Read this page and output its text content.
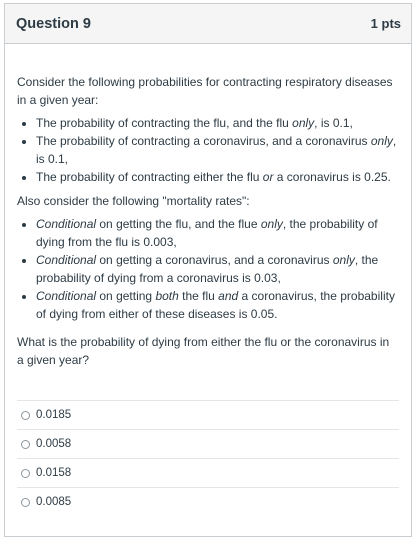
Question 9	1 pts

Consider the following probabilities for contracting respiratory diseases in a given year:

• The probability of contracting the flu, and the flu only, is 0.1,
• The probability of contracting a coronavirus, and a coronavirus only, is 0.1,
• The probability of contracting either the flu or a coronavirus is 0.25.

Also consider the following "mortality rates":

• Conditional on getting the flu, and the flue only, the probability of dying from the flu is 0.003,
• Conditional on getting a coronavirus, and a coronavirus only, the probability of dying from a coronavirus is 0.03,
• Conditional on getting both the flu and a coronavirus, the probability of dying from either of these diseases is 0.05.

What is the probability of dying from either the flu or the coronavirus in a given year?

0.0185
0.0058
0.0158
0.0085
